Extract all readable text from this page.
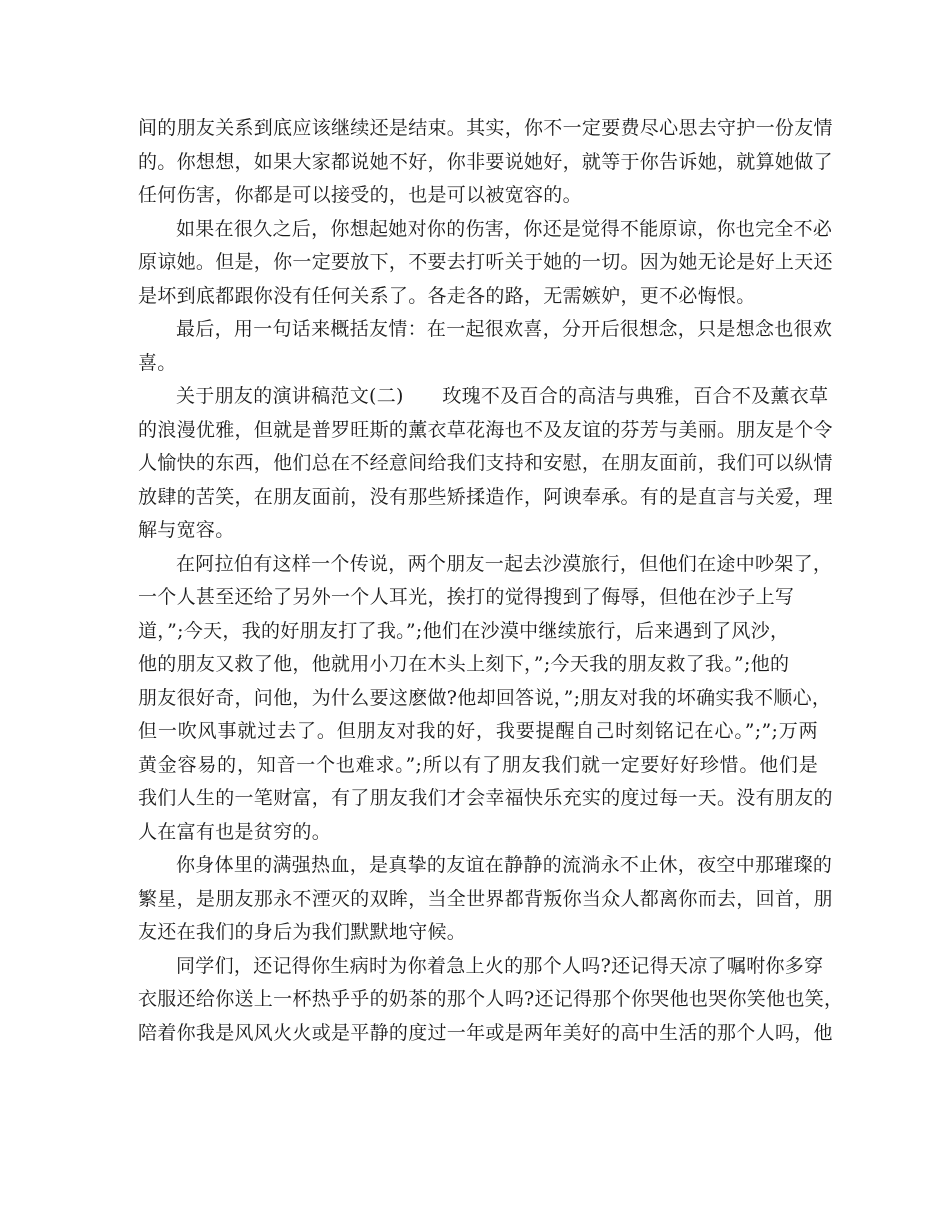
间的朋友关系到底应该继续还是结束。其实，你不一定要费尽心思去守护一份友情
的。你想想，如果大家都说她不好，你非要说她好，就等于你告诉她，就算她做了
任何伤害，你都是可以接受的，也是可以被宽容的。
如果在很久之后，你想起她对你的伤害，你还是觉得不能原谅，你也完全不必
原谅她。但是，你一定要放下，不要去打听关于她的一切。因为她无论是好上天还
是坏到底都跟你没有任何关系了。各走各的路，无需嫉妒，更不必悔恨。
最后，用一句话来概括友情：在一起很欢喜，分开后很想念，只是想念也很欢
喜。
关于朋友的演讲稿范文(二)　　玫瑰不及百合的高洁与典雅，百合不及薰衣草
的浪漫优雅，但就是普罗旺斯的薰衣草花海也不及友谊的芬芳与美丽。朋友是个令
人愉快的东西，他们总在不经意间给我们支持和安慰，在朋友面前，我们可以纵情
放肆的苦笑，在朋友面前，没有那些矫揉造作，阿谀奉承。有的是直言与关爱，理
解与宽容。
在阿拉伯有这样一个传说，两个朋友一起去沙漠旅行，但他们在途中吵架了，
一个人甚至还给了另外一个人耳光，挨打的觉得搜到了侮辱，但他在沙子上写
道，”;今天，我的好朋友打了我。”;他们在沙漠中继续旅行，后来遇到了风沙，
他的朋友又救了他，他就用小刀在木头上刻下，”;今天我的朋友救了我。”;他的
朋友很好奇，问他，为什么要这麽做?他却回答说，”;朋友对我的坏确实我不顺心，
但一吹风事就过去了。但朋友对我的好，我要提醒自己时刻铭记在心。”;”;万两
黄金容易的，知音一个也难求。”;所以有了朋友我们就一定要好好珍惜。他们是
我们人生的一笔财富，有了朋友我们才会幸福快乐充实的度过每一天。没有朋友的
人在富有也是贫穷的。
你身体里的满强热血，是真挚的友谊在静静的流淌永不止休，夜空中那璀璨的
繁星，是朋友那永不湮灭的双眸，当全世界都背叛你当众人都离你而去，回首，朋
友还在我们的身后为我们默默地守候。
同学们，还记得你生病时为你着急上火的那个人吗?还记得天凉了嘱咐你多穿
衣服还给你送上一杯热乎乎的奶茶的那个人吗?还记得那个你哭他也哭你笑他也笑，
陪着你我是风风火火或是平静的度过一年或是两年美好的高中生活的那个人吗，他
